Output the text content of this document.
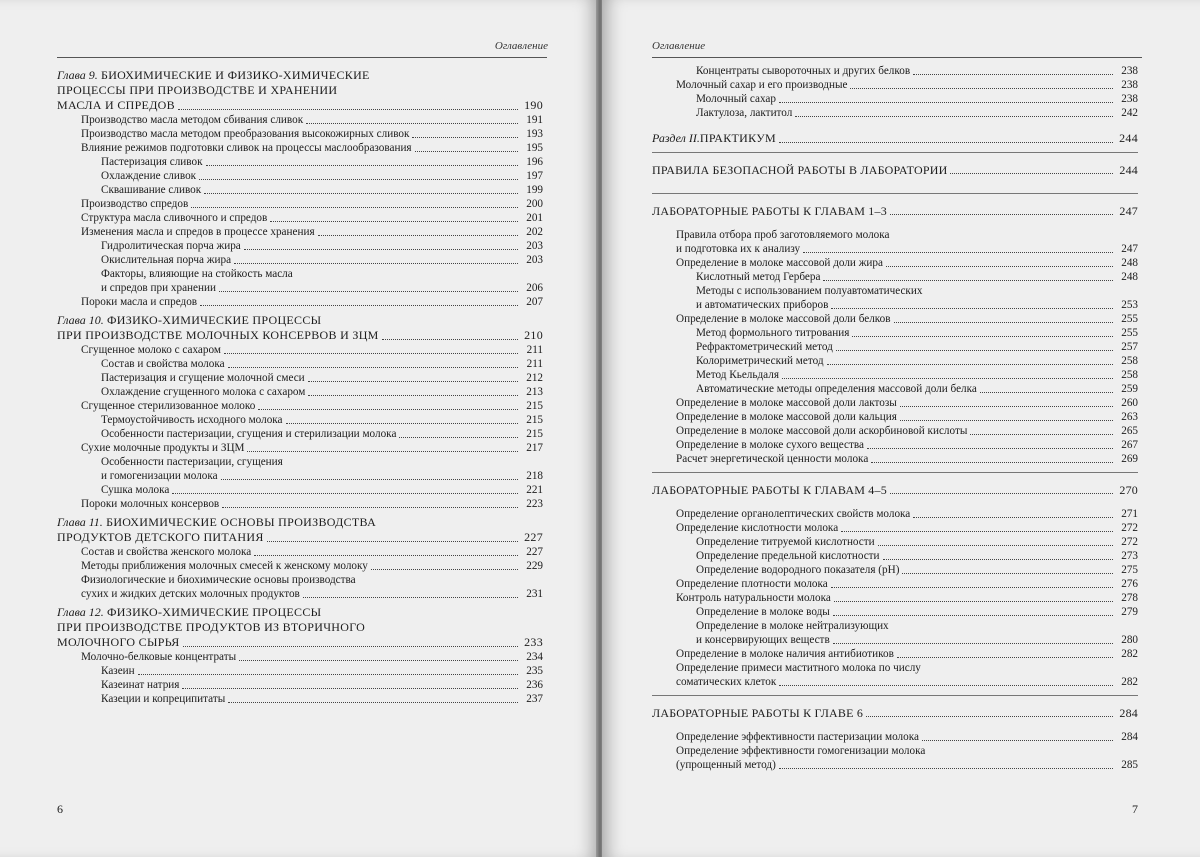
Оглавление
Глава 9. БИОХИМИЧЕСКИЕ И ФИЗИКО-ХИМИЧЕСКИЕ
ПРОЦЕССЫ ПРИ ПРОИЗВОДСТВЕ И ХРАНЕНИИ
МАСЛА И СПРЕДОВ	190
Производство масла методом сбивания сливок	191
Производство масла методом преобразования высокожирных сливок	193
Влияние режимов подготовки сливок на процессы маслообразования	195
Пастеризация сливок	196
Охлаждение сливок	197
Сквашивание сливок	199
Производство спредов	200
Структура масла сливочного и спредов	201
Изменения масла и спредов в процессе хранения	202
Гидролитическая порча жира	203
Окислительная порча жира	203
Факторы, влияющие на стойкость масла
и спредов при хранении	206
Пороки масла и спредов	207
Глава 10. ФИЗИКО-ХИМИЧЕСКИЕ ПРОЦЕССЫ
ПРИ ПРОИЗВОДСТВЕ МОЛОЧНЫХ КОНСЕРВОВ И ЗЦМ	210
Сгущенное молоко с сахаром	211
Состав и свойства молока	211
Пастеризация и сгущение молочной смеси	212
Охлаждение сгущенного молока с сахаром	213
Сгущенное стерилизованное молоко	215
Термоустойчивость исходного молока	215
Особенности пастеризации, сгущения и стерилизации молока	215
Сухие молочные продукты и ЗЦМ	217
Особенности пастеризации, сгущения
и гомогенизации молока	218
Сушка молока	221
Пороки молочных консервов	223
Глава 11. БИОХИМИЧЕСКИЕ ОСНОВЫ ПРОИЗВОДСТВА
ПРОДУКТОВ ДЕТСКОГО ПИТАНИЯ	227
Состав и свойства женского молока	227
Методы приближения молочных смесей к женскому молоку	229
Физиологические и биохимические основы производства
сухих и жидких детских молочных продуктов	231
Глава 12. ФИЗИКО-ХИМИЧЕСКИЕ ПРОЦЕССЫ
ПРИ ПРОИЗВОДСТВЕ ПРОДУКТОВ ИЗ ВТОРИЧНОГО
МОЛОЧНОГО СЫРЬЯ	233
Молочно-белковые концентраты	234
Казеин	235
Казеинат натрия	236
Казеции и копреципитаты	237
6
Оглавление
Концентраты сывороточных и других белков	238
Молочный сахар и его производные	238
Молочный сахар	238
Лактулоза, лактитол	242
Раздел II. ПРАКТИКУМ	244
ПРАВИЛА БЕЗОПАСНОЙ РАБОТЫ В ЛАБОРАТОРИИ	244
ЛАБОРАТОРНЫЕ РАБОТЫ К ГЛАВАМ 1–3	247
Правила отбора проб заготовляемого молока
и подготовка их к анализу	247
Определение в молоке массовой доли жира	248
Кислотный метод Гербера	248
Методы с использованием полуавтоматических
и автоматических приборов	253
Определение в молоке массовой доли белков	255
Метод формольного титрования	255
Рефрактометрический метод	257
Колориметрический метод	258
Метод Кьельдаля	258
Автоматические методы определения массовой доли белка	259
Определение в молоке массовой доли лактозы	260
Определение в молоке массовой доли кальция	263
Определение в молоке массовой доли аскорбиновой кислоты	265
Определение в молоке сухого вещества	267
Расчет энергетической ценности молока	269
ЛАБОРАТОРНЫЕ РАБОТЫ К ГЛАВАМ 4–5	270
Определение органолептических свойств молока	271
Определение кислотности молока	272
Определение титруемой кислотности	272
Определение предельной кислотности	273
Определение водородного показателя (рН)	275
Определение плотности молока	276
Контроль натуральности молока	278
Определение в молоке воды	279
Определение в молоке нейтрализующих
и консервирующих веществ	280
Определение в молоке наличия антибиотиков	282
Определение примеси маститного молока по числу
соматических клеток	282
ЛАБОРАТОРНЫЕ РАБОТЫ К ГЛАВЕ 6	284
Определение эффективности пастеризации молока	284
Определение эффективности гомогенизации молока
(упрощенный метод)	285
7
